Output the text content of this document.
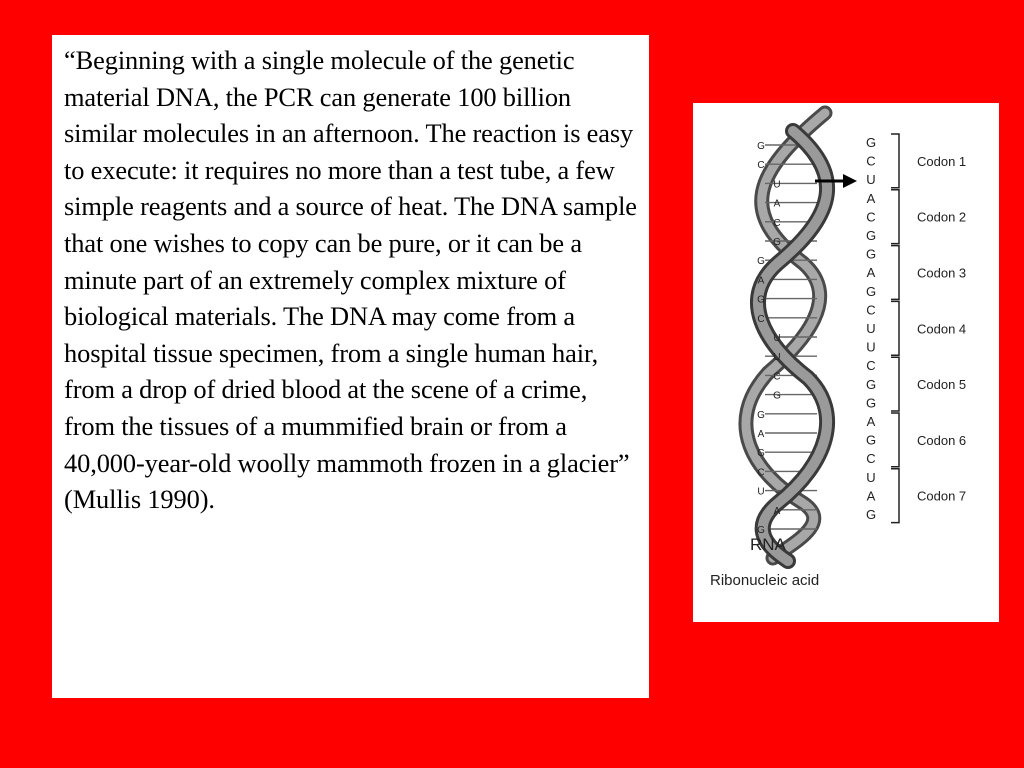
“Beginning with a single molecule of the genetic material DNA, the PCR can generate 100 billion similar molecules in an afternoon. The reaction is easy to execute: it requires no more than a test tube, a few simple reagents and a source of heat. The DNA sample that one wishes to copy can be pure, or it can be a minute part of an extremely complex mixture of biological materials. The DNA may come from a hospital tissue specimen, from a single human hair, from a drop of dried blood at the scene of a crime, from the tissues of a mummified brain or from a 40,000-year-old woolly mammoth frozen in a glacier” (Mullis 1990).

G
C
U
A
C
G
G
A
G
C
U
U
C
G
G
A
G
C
U
A
G
G
C
U
A
C
G
G
A
G
C
U
U
C
G
G
A
G
C
U
A
G
Codon 1
Codon 2
Codon 3
Codon 4
Codon 5
Codon 6
Codon 7
RNA
Ribonucleic acid
